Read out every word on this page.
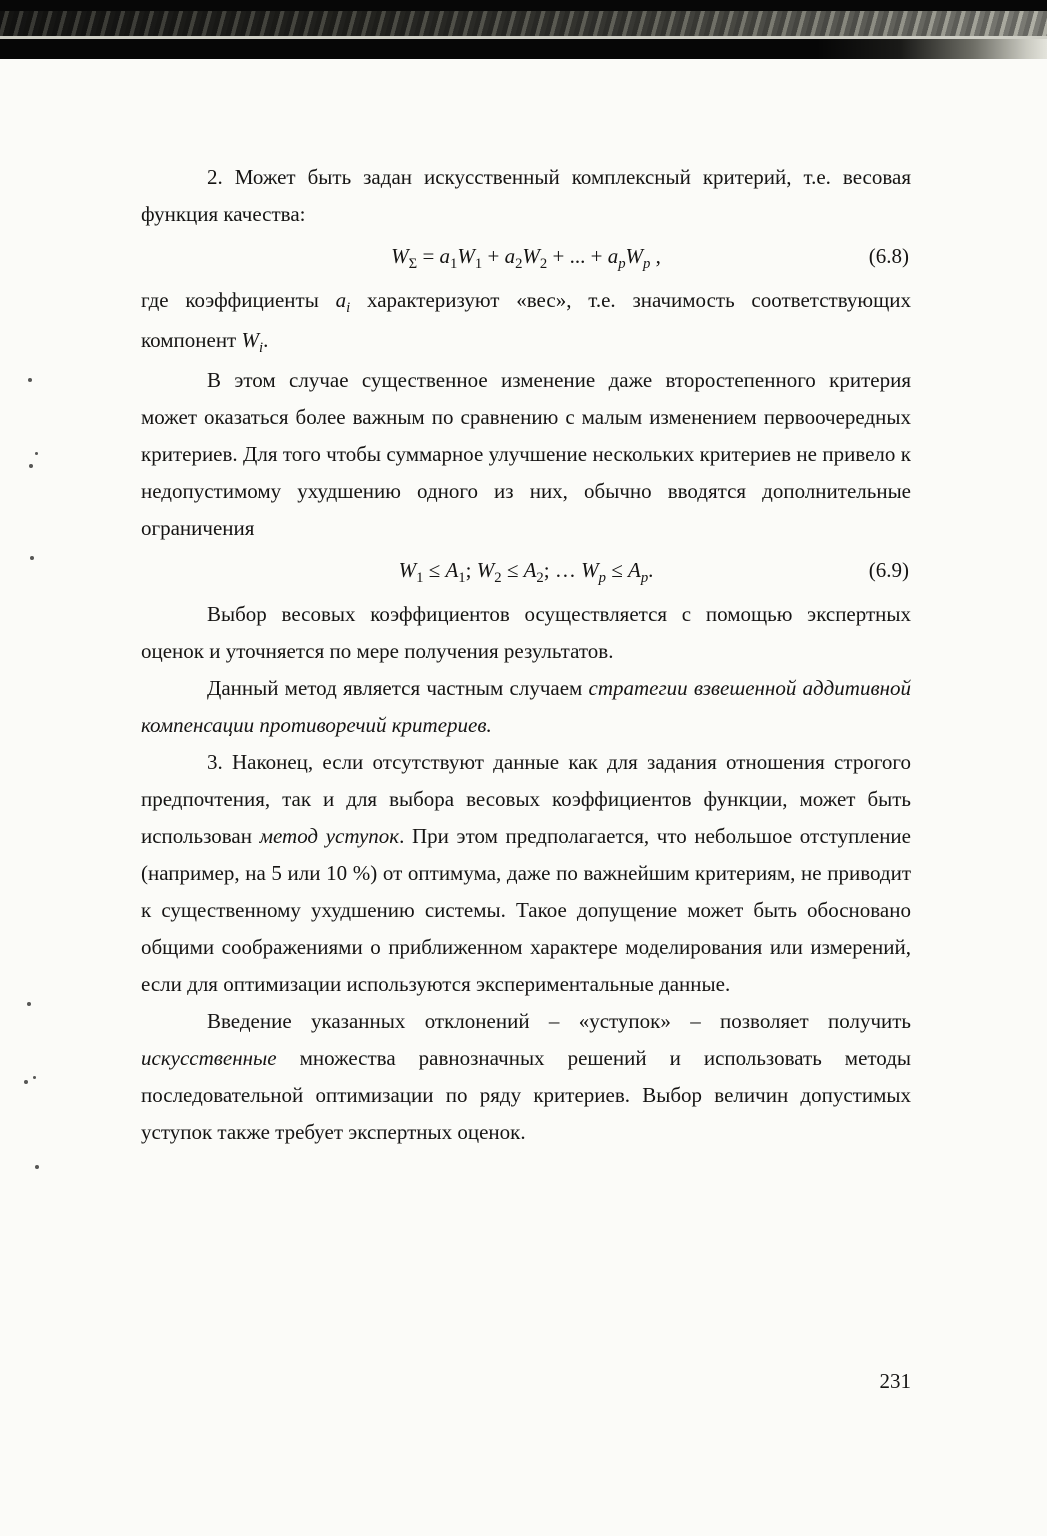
2. Может быть задан искусственный комплексный критерий, т.е. весовая функция качества:

$W_\Sigma = a_1W_1 + a_2W_2$ + ... + $a_pW_p$ ,	(6.8)

где коэффициенты $a_i$ характеризуют «вес», т.е. значимость соответствующих компонент $W_i$.

В этом случае существенное изменение даже второстепенного критерия может оказаться более важным по сравнению с малым изменением первоочередных критериев. Для того чтобы суммарное улучшение нескольких критериев не привело к недопустимому ухудшению одного из них, обычно вводятся дополнительные ограничения

$W_1 \le A_1$; $W_2 \le A_2$; … $W_p \le A_p$.	(6.9)

Выбор весовых коэффициентов осуществляется с помощью экспертных оценок и уточняется по мере получения результатов.

Данный метод является частным случаем стратегии взвешенной аддитивной компенсации противоречий критериев.

3. Наконец, если отсутствуют данные как для задания отношения строгого предпочтения, так и для выбора весовых коэффициентов функции, может быть использован метод уступок. При этом предполагается, что небольшое отступление (например, на 5 или 10 %) от оптимума, даже по важнейшим критериям, не приводит к существенному ухудшению системы. Такое допущение может быть обосновано общими соображениями о приближенном характере моделирования или измерений, если для оптимизации используются экспериментальные данные.

Введение указанных отклонений – «уступок» – позволяет получить искусственные множества равнозначных решений и использовать методы последовательной оптимизации по ряду критериев. Выбор величин допустимых уступок также требует экспертных оценок.

231
